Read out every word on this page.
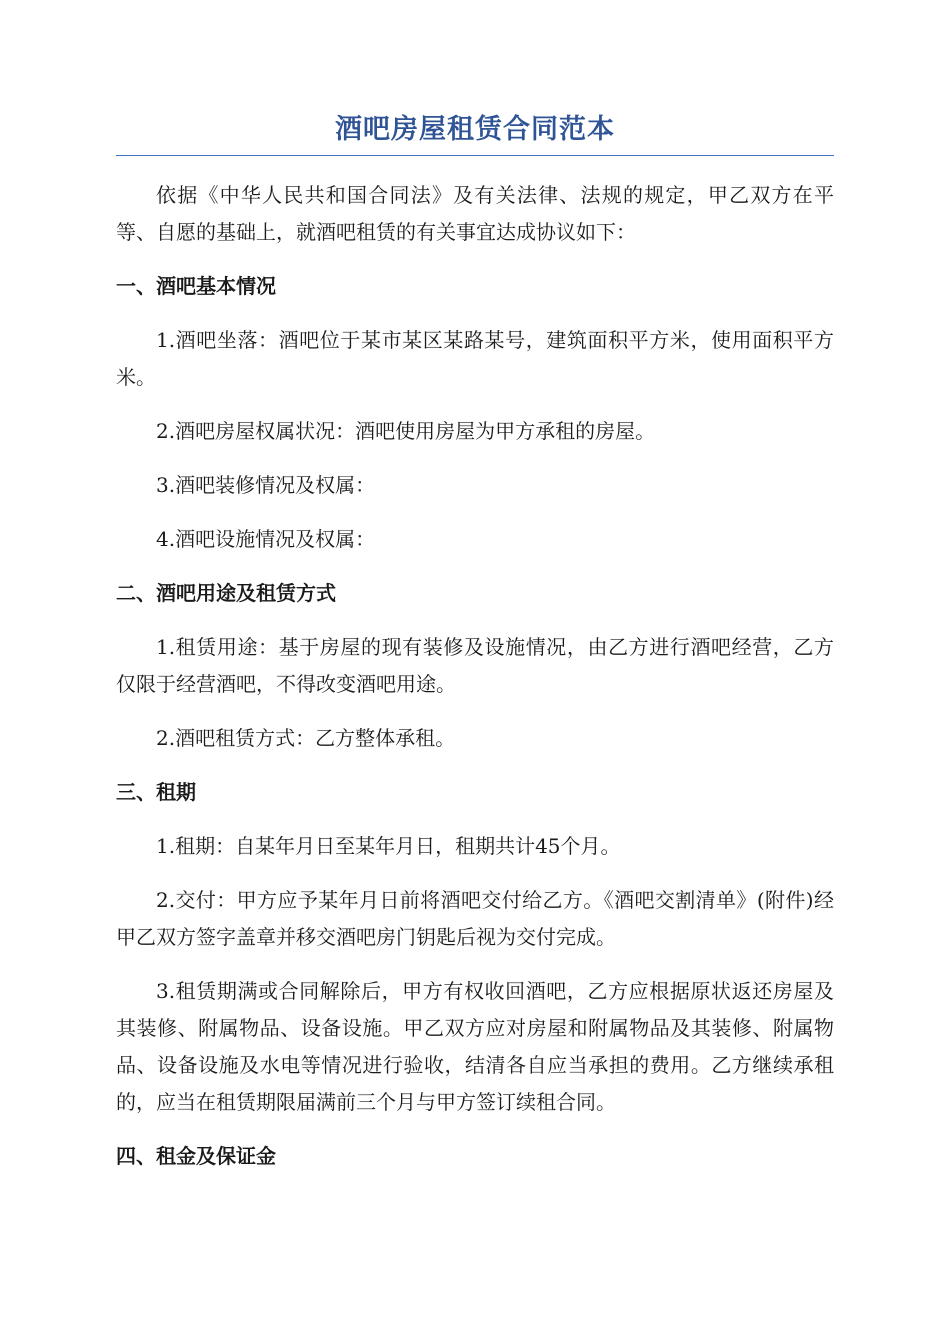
酒吧房屋租赁合同范本

依据《中华人民共和国合同法》及有关法律、法规的规定，甲乙双方在平等、自愿的基础上，就酒吧租赁的有关事宜达成协议如下：

一、酒吧基本情况

1.酒吧坐落：酒吧位于某市某区某路某号，建筑面积平方米，使用面积平方米。

2.酒吧房屋权属状况：酒吧使用房屋为甲方承租的房屋。

3.酒吧装修情况及权属：

4.酒吧设施情况及权属：

二、酒吧用途及租赁方式

1.租赁用途：基于房屋的现有装修及设施情况，由乙方进行酒吧经营，乙方仅限于经营酒吧，不得改变酒吧用途。

2.酒吧租赁方式：乙方整体承租。

三、租期

1.租期：自某年月日至某年月日，租期共计45个月。

2.交付：甲方应予某年月日前将酒吧交付给乙方。《酒吧交割清单》(附件)经甲乙双方签字盖章并移交酒吧房门钥匙后视为交付完成。

3.租赁期满或合同解除后，甲方有权收回酒吧，乙方应根据原状返还房屋及其装修、附属物品、设备设施。甲乙双方应对房屋和附属物品及其装修、附属物品、设备设施及水电等情况进行验收，结清各自应当承担的费用。乙方继续承租的，应当在租赁期限届满前三个月与甲方签订续租合同。

四、租金及保证金
